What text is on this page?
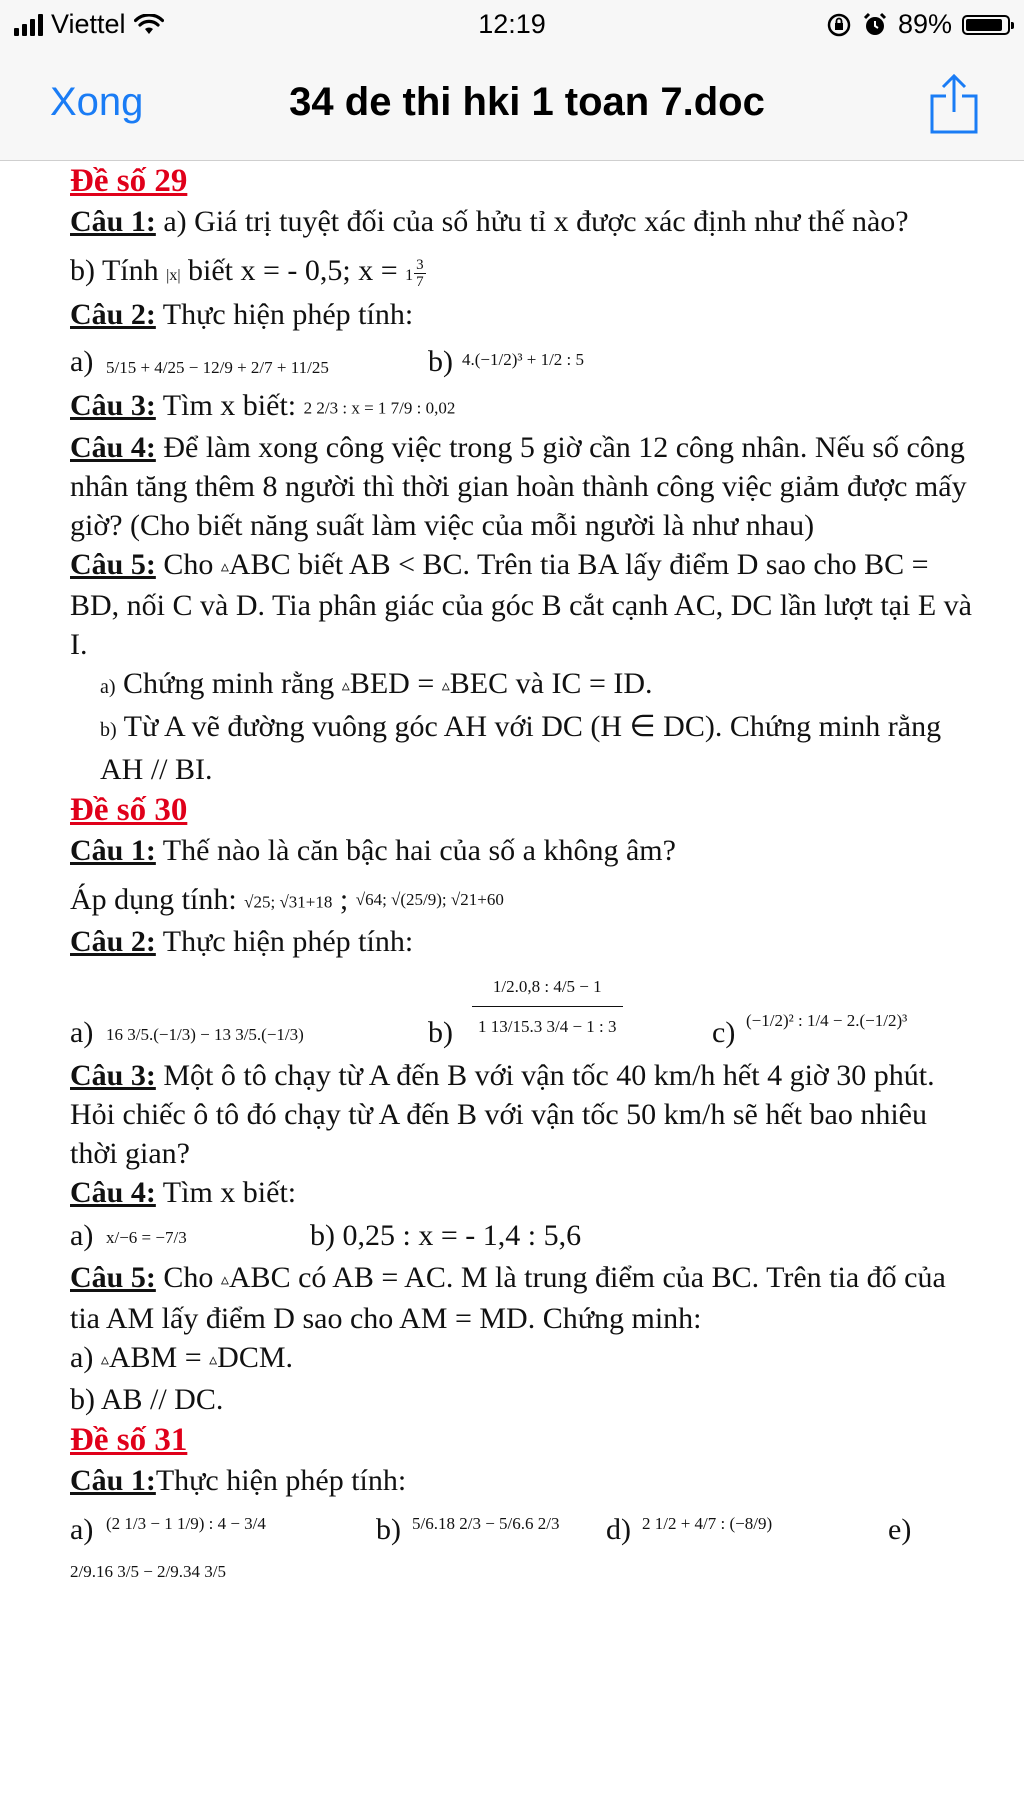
Viettel	12:19	89%
Xong	34 de thi hki 1 toan 7.doc

Đề số 29

Câu 1: a) Giá trị tuyệt đối của số hửu tỉ x được xác định như thế nào?

b) Tính |x| biết x = - 0,5; $x = 1 \frac{3}{7}$

Câu 2: Thực hiện phép tính:

a) 5/15 + 4/25 − 12/9 + 2/7 + 11/25	b) 4.(−1/2)³ + 1/2 : 5

Câu 3: Tìm x biết: 2 2/3 : x = 1 7/9 : 0,02

Câu 4: Để làm xong công việc trong 5 giờ cần 12 công nhân. Nếu số công nhân tăng thêm 8 người thì thời gian hoàn thành công việc giảm được mấy giờ? (Cho biết năng suất làm việc của mỗi người là như nhau)

Câu 5: Cho ▵ABC biết AB < BC. Trên tia BA lấy điểm D sao cho BC = BD, nối C và D. Tia phân giác của góc B cắt cạnh AC, DC lần lượt tại E và I.

a) Chứng minh rằng ▵BED = ▵BEC và IC = ID.

b) Từ A vẽ đường vuông góc AH với DC (H ∈ DC). Chứng minh rằng AH // BI.

Đề số 30

Câu 1: Thế nào là căn bậc hai của số a không âm?

Áp dụng tính: √25; √31+18 ; $^{√64; √(25/9); √21+60}$

Câu 2: Thực hiện phép tính:

a) 16 3/5.(−1/3) − 13 3/5.(−1/3)	b)
1/2.0,8 : 4/5 − 1
1 13/15.3 3/4 − 1 : 3	c) (−1/2)² : 1/4 − 2.(−1/2)³

Câu 3: Một ô tô chạy từ A đến B với vận tốc 40 km/h hết 4 giờ 30 phút. Hỏi chiếc ô tô đó chạy từ A đến B với vận tốc 50 km/h sẽ hết bao nhiêu thời gian?

Câu 4: Tìm x biết:

a) x/−6 = −7/3	b) 0,25 : x = - 1,4 : 5,6

Câu 5: Cho ▵ABC có AB = AC. M là trung điểm của BC. Trên tia đố của tia AM lấy điểm D sao cho AM = MD. Chứng minh:

a) ▵ABM = ▵DCM.

b) AB // DC.

Đề số 31

Câu 1:Thực hiện phép tính:

a) (2 1/3 − 1 1/9) : 4 − 3/4	b) 5/6.18 2/3 − 5/6.6 2/3 d) 2 1/2 + 4/7 : (−8/9)	e)

2/9.16 3/5 − 2/9.34 3/5
